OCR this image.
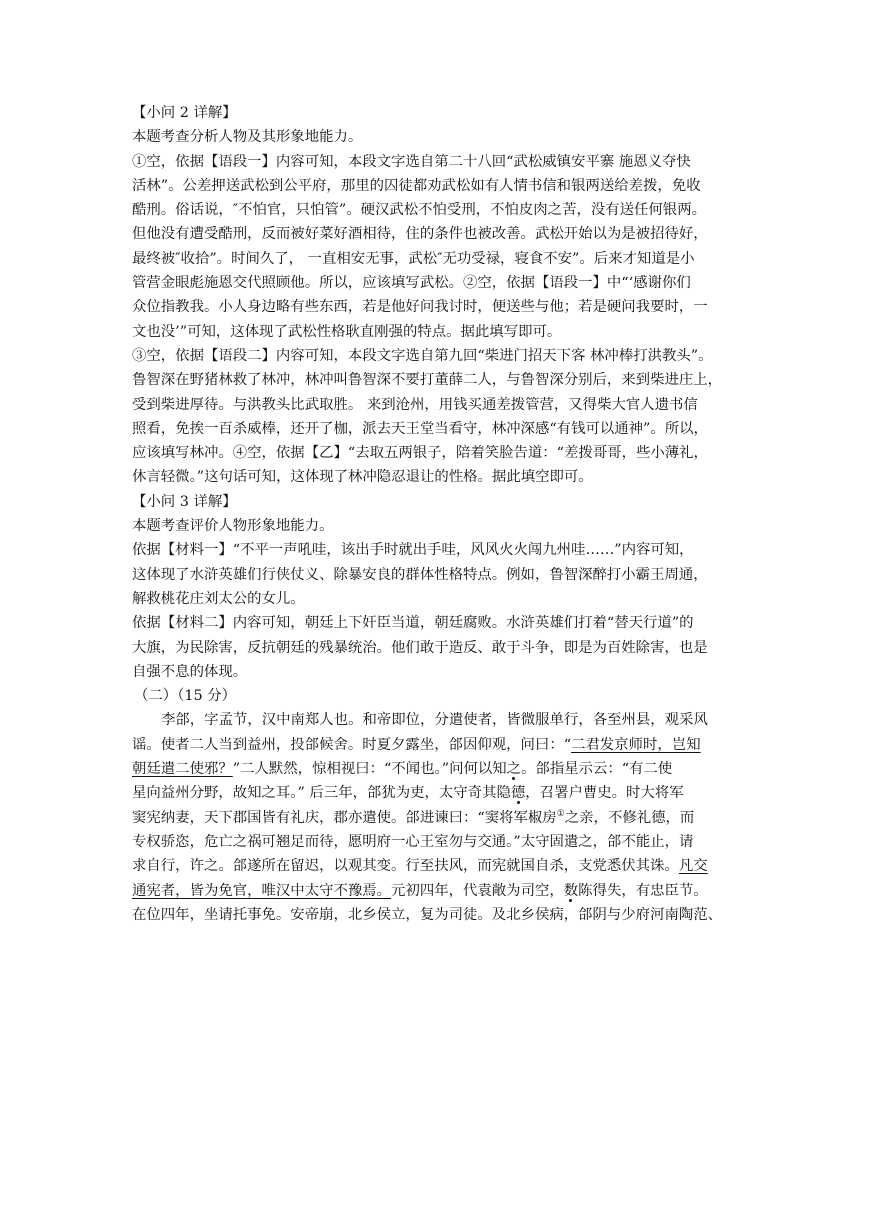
【小问 2 详解】
本题考查分析人物及其形象地能力。
①空，依据【语段一】内容可知，本段文字选自第二十八回“武松威镇安平寨 施恩义夺快
活林”。公差押送武松到公平府，那里的囚徒都劝武松如有人情书信和银两送给差拨，免收
酷刑。俗话说，″不怕官，只怕管”。硬汉武松不怕受刑，不怕皮肉之苦，没有送任何银两。
但他没有遭受酷刑，反而被好菜好酒相待，住的条件也被改善。武松开始以为是被招待好，
最终被″收拾”。时间久了， 一直相安无事，武松″无功受禄，寝食不安”。后来才知道是小
管营金眼彪施恩交代照顾他。所以，应该填写武松。②空，依据【语段一】中“‘感谢你们
众位指教我。小人身边略有些东西，若是他好问我讨时，便送些与他；若是硬问我要时，一
文也没’”可知，这体现了武松性格耿直刚强的特点。据此填写即可。
③空，依据【语段二】内容可知，本段文字选自第九回“柴进门招天下客 林冲棒打洪教头”。
鲁智深在野猪林救了林冲，林冲叫鲁智深不要打董薛二人，与鲁智深分别后，来到柴进庄上，
受到柴进厚待。与洪教头比武取胜。 来到沧州，用钱买通差拨管营，又得柴大官人遗书信
照看，免挨一百杀威棒，还开了枷，派去天王堂当看守，林冲深感“有钱可以通神”。所以，
应该填写林冲。④空，依据【乙】“去取五两银子，陪着笑脸告道：“差拨哥哥，些小薄礼，
休言轻微。”这句话可知，这体现了林冲隐忍退让的性格。据此填空即可。
【小问 3 详解】
本题考查评价人物形象地能力。
依据【材料一】“不平一声吼哇，该出手时就出手哇，风风火火闯九州哇……”内容可知，
这体现了水浒英雄们行侠仗义、除暴安良的群体性格特点。例如，鲁智深醉打小霸王周通，
解救桃花庄刘太公的女儿。
依据【材料二】内容可知，朝廷上下奸臣当道，朝廷腐败。水浒英雄们打着“替天行道”的
大旗，为民除害，反抗朝廷的残暴统治。他们敢于造反、敢于斗争，即是为百姓除害，也是
自强不息的体现。
（二）（15 分）
李郃，字孟节，汉中南郑人也。和帝即位，分遣使者，皆微服单行，各至州县，观采风
谣。使者二人当到益州，投郃候舍。时夏夕露坐，郃因仰观，问曰：“二君发京师时，岂知
朝廷遣二使邪？”二人默然，惊相视曰：“不闻也。”问何以知之。郃指星示云：“有二使
星向益州分野，故知之耳。” 后三年，郃犹为吏，太守奇其隐德，召署户曹史。时大将军
窦宪纳妻，天下郡国皆有礼庆，郡亦遣使。郃进谏曰：“窦将军椒房①之亲，不修礼德，而
专权骄恣，危亡之祸可翘足而待，愿明府一心王室勿与交通。”太守固遣之，郃不能止，请
求自行，许之。郃遂所在留迟，以观其变。行至扶风，而宪就国自杀，支党悉伏其诛。凡交
通宪者，皆为免官，唯汉中太守不豫焉。元初四年，代袁敞为司空，数陈得失，有忠臣节。
在位四年，坐请托事免。安帝崩，北乡侯立，复为司徒。及北乡侯病，郃阴与少府河南陶范、
